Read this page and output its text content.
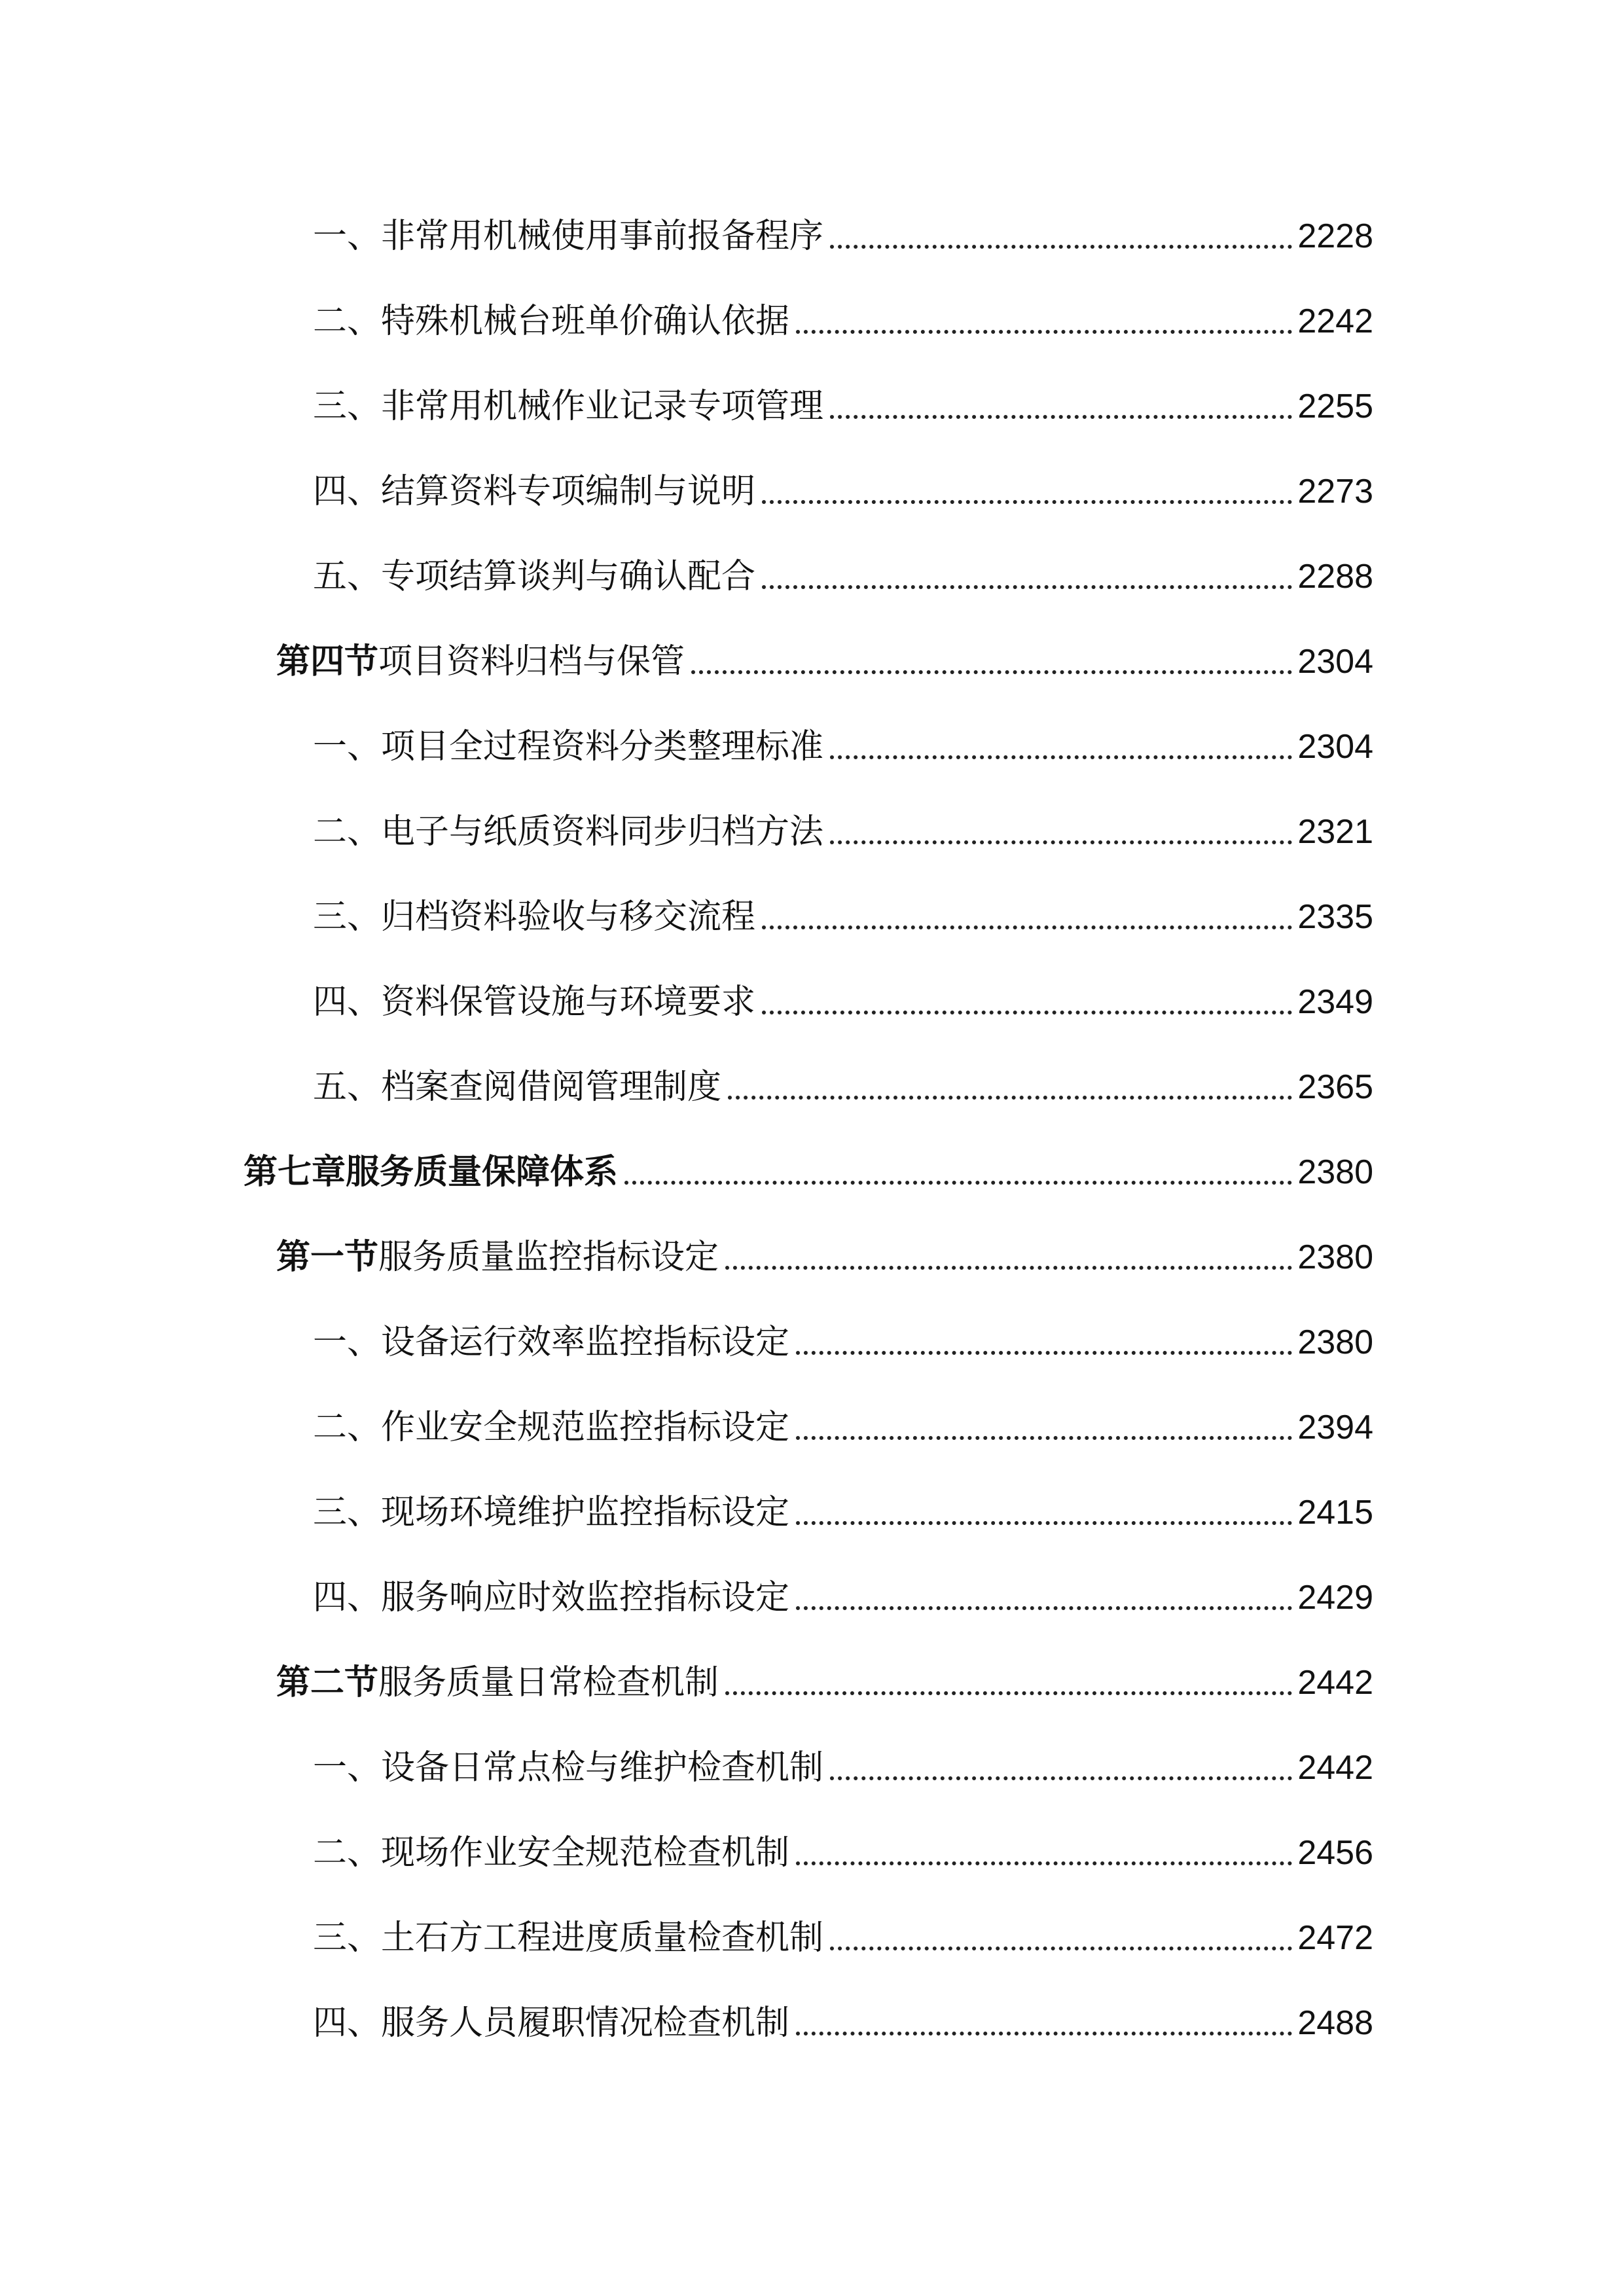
一、非常用机械使用事前报备程序	2228
二、特殊机械台班单价确认依据	2242
三、非常用机械作业记录专项管理	2255
四、结算资料专项编制与说明	2273
五、专项结算谈判与确认配合	2288
第四节项目资料归档与保管	2304
一、项目全过程资料分类整理标准	2304
二、电子与纸质资料同步归档方法	2321
三、归档资料验收与移交流程	2335
四、资料保管设施与环境要求	2349
五、档案查阅借阅管理制度	2365
第七章服务质量保障体系	2380
第一节服务质量监控指标设定	2380
一、设备运行效率监控指标设定	2380
二、作业安全规范监控指标设定	2394
三、现场环境维护监控指标设定	2415
四、服务响应时效监控指标设定	2429
第二节服务质量日常检查机制	2442
一、设备日常点检与维护检查机制	2442
二、现场作业安全规范检查机制	2456
三、土石方工程进度质量检查机制	2472
四、服务人员履职情况检查机制	2488
